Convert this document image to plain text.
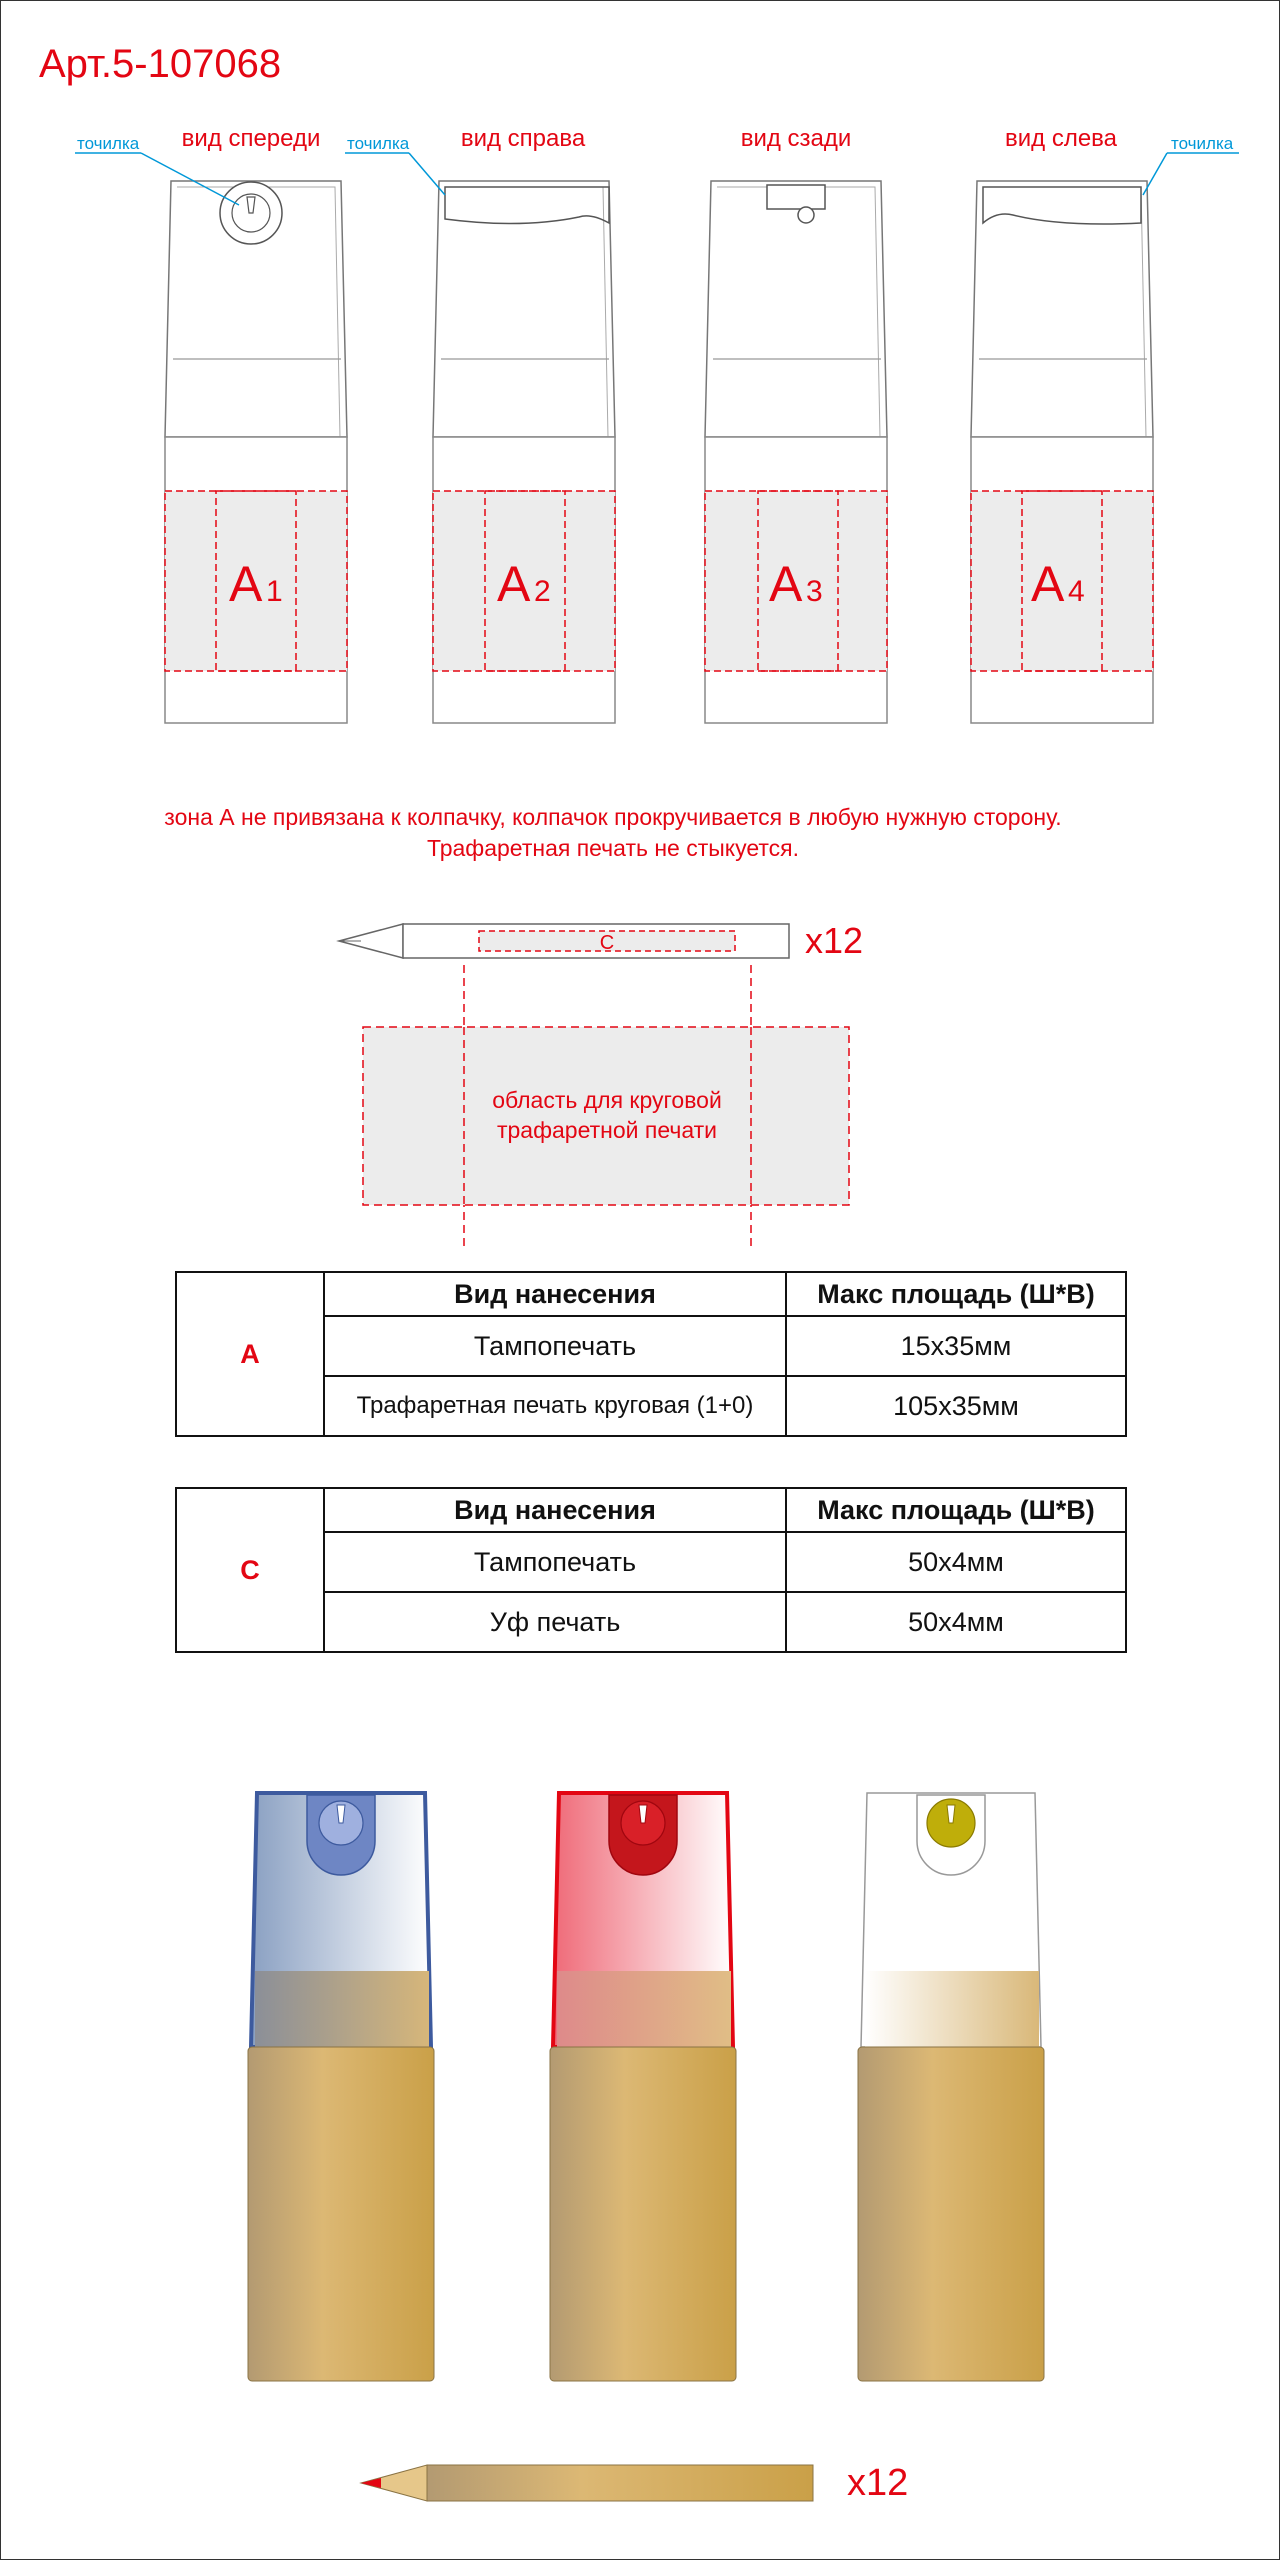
Арт.5-107068
вид спереди
A 1
точилка	вид справа
A 2
точилка	вид сзади
A 3
вид слева
A 4
точилка
зона А не привязана к колпачку, колпачок прокручивается в любую нужную сторону.
Трафаретная печать не стыкуется.
C	x12
область для круговой
трафаретной печати
x12
A	Вид нанесения	Макс площадь (Ш*В)
	Тампопечать	15x35мм
	Трафаретная печать круговая (1+0)	105x35мм
C	Вид нанесения	Макс площадь (Ш*В)
	Тампопечать	50x4мм
	Уф печать	50x4мм
